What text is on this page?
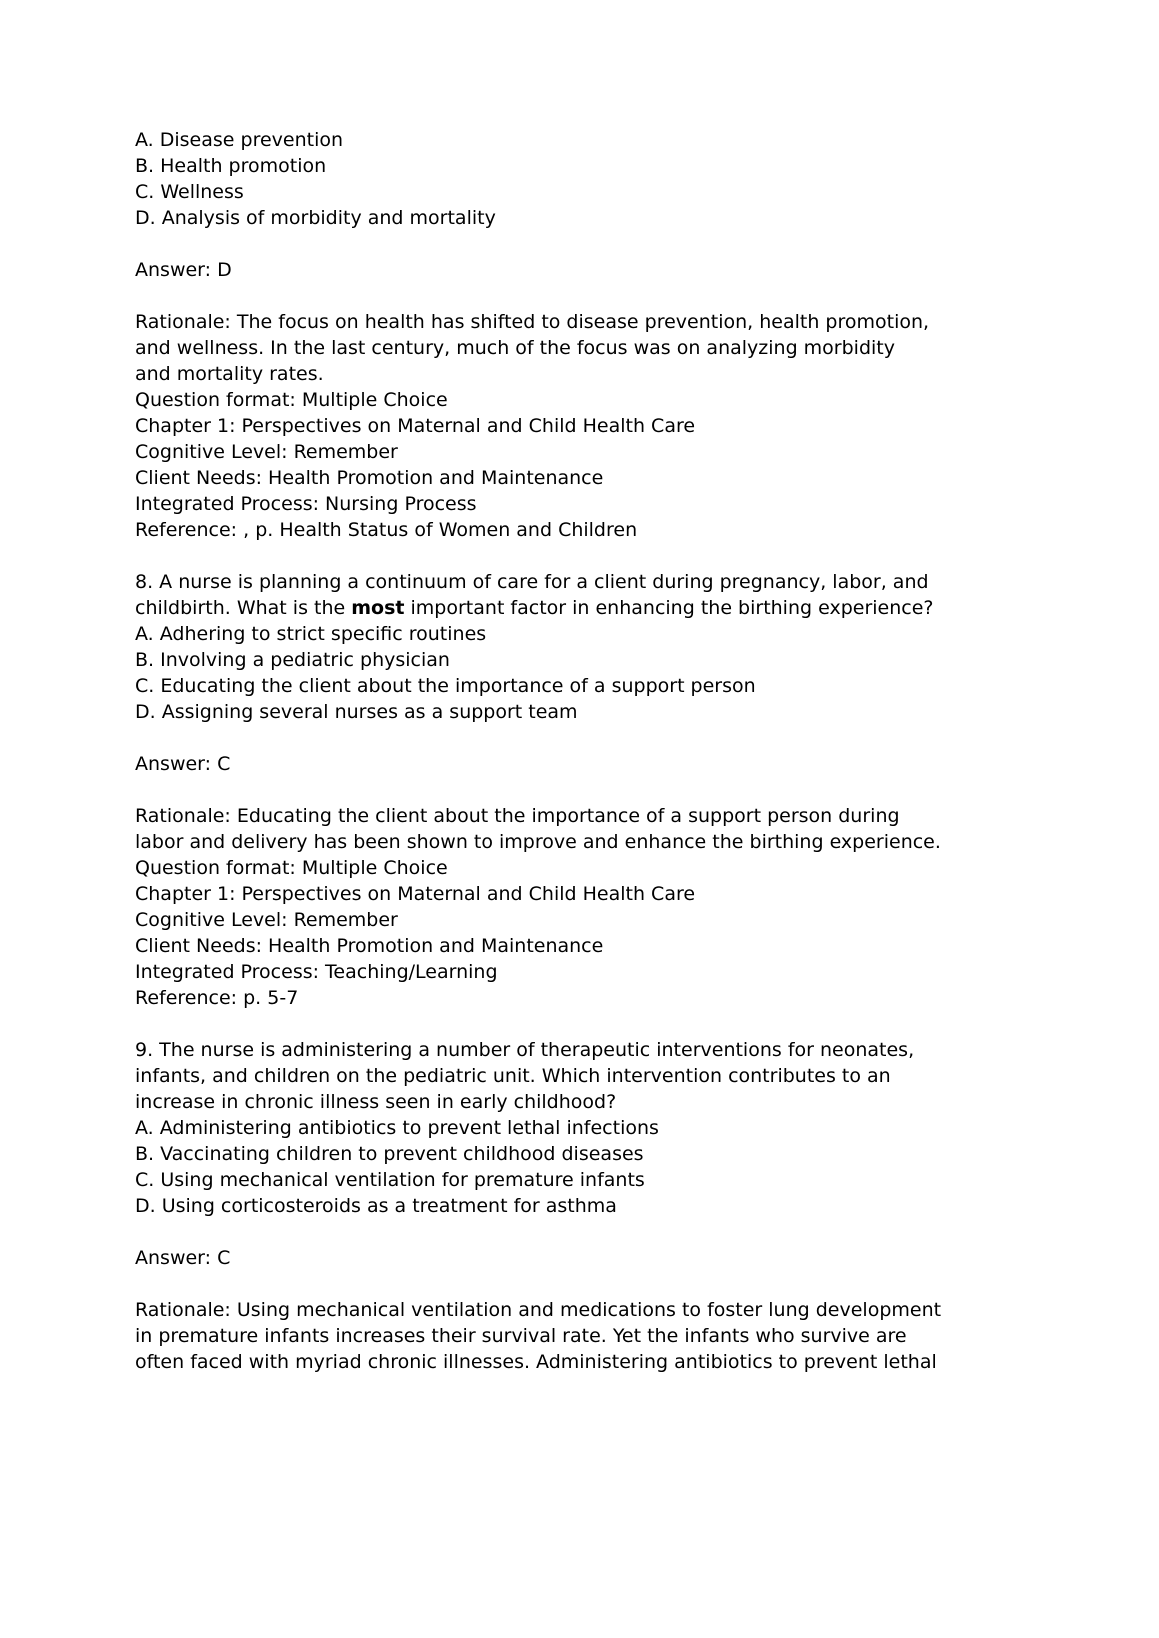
A. Disease prevention
B. Health promotion
C. Wellness
D. Analysis of morbidity and mortality
Answer: D
Rationale: The focus on health has shifted to disease prevention, health promotion,
and wellness. In the last century, much of the focus was on analyzing morbidity
and mortality rates.
Question format: Multiple Choice
Chapter 1: Perspectives on Maternal and Child Health Care
Cognitive Level: Remember
Client Needs: Health Promotion and Maintenance
Integrated Process: Nursing Process
Reference: , p. Health Status of Women and Children
8. A nurse is planning a continuum of care for a client during pregnancy, labor, and
childbirth. What is the most important factor in enhancing the birthing experience?
A. Adhering to strict specific routines
B. Involving a pediatric physician
C. Educating the client about the importance of a support person
D. Assigning several nurses as a support team
Answer: C
Rationale: Educating the client about the importance of a support person during
labor and delivery has been shown to improve and enhance the birthing experience.
Question format: Multiple Choice
Chapter 1: Perspectives on Maternal and Child Health Care
Cognitive Level: Remember
Client Needs: Health Promotion and Maintenance
Integrated Process: Teaching/Learning
Reference: p. 5-7
9. The nurse is administering a number of therapeutic interventions for neonates,
infants, and children on the pediatric unit. Which intervention contributes to an
increase in chronic illness seen in early childhood?
A. Administering antibiotics to prevent lethal infections
B. Vaccinating children to prevent childhood diseases
C. Using mechanical ventilation for premature infants
D. Using corticosteroids as a treatment for asthma
Answer: C
Rationale: Using mechanical ventilation and medications to foster lung development
in premature infants increases their survival rate. Yet the infants who survive are
often faced with myriad chronic illnesses. Administering antibiotics to prevent lethal
